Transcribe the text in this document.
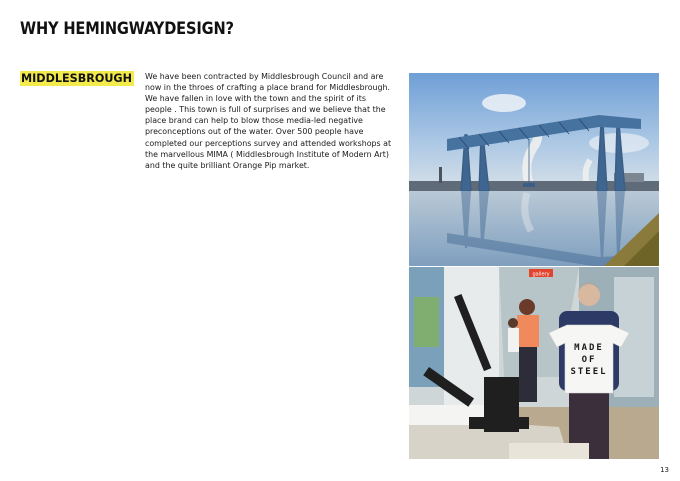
WHY HEMINGWAYDESIGN?
MIDDLESBROUGH We have been contracted by Middlesbrough Council and are now in the throes of crafting a place brand for Middlesbrough. We have fallen in love with the town and the spirit of its people . This town is full of surprises and we believe that the place brand can help to blow those media-led negative preconceptions out of the water. Over 500 people have completed our perceptions survey and attended workshops at the marvellous MIMA ( Middlesbrough Institute of Modern Art) and the quite brilliant Orange Pip market.

gallery
MADE
OF
STEEL
13
